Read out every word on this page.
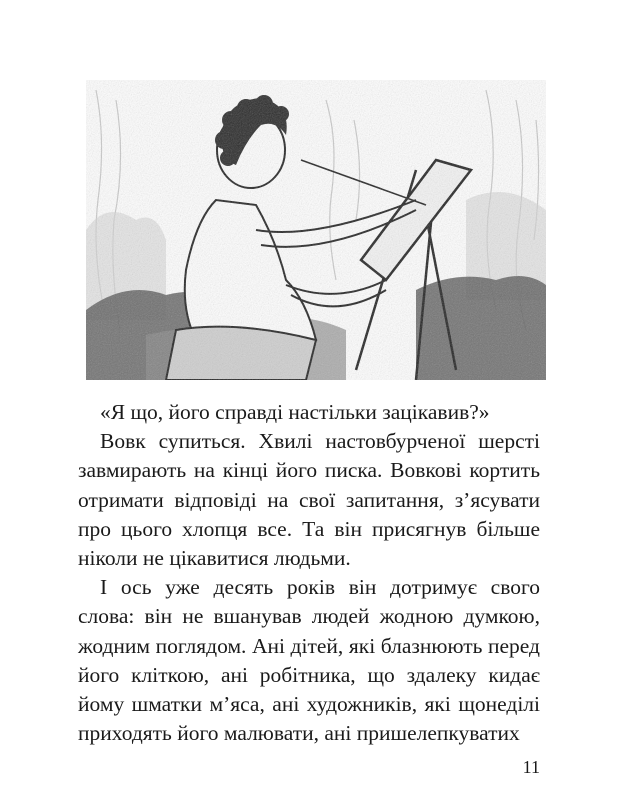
«Я що, його справді настільки зацікавив?»

Вовк супиться. Хвилі настовбурченої шерсті завмирають на кінці його писка. Вовкові кортить отримати відповіді на свої запитання, з’ясувати про цього хлопця все. Та він присягнув більше ніколи не цікавитися людьми.

І ось уже десять років він дотримує свого слова: він не вшанував людей жодною думкою, жодним поглядом. Ані дітей, які блазнюють перед його кліткою, ані робітника, що здалеку кидає йому шматки м’яса, ані художників, які щонеділі приходять його малювати, ані пришелепкуватих

11
